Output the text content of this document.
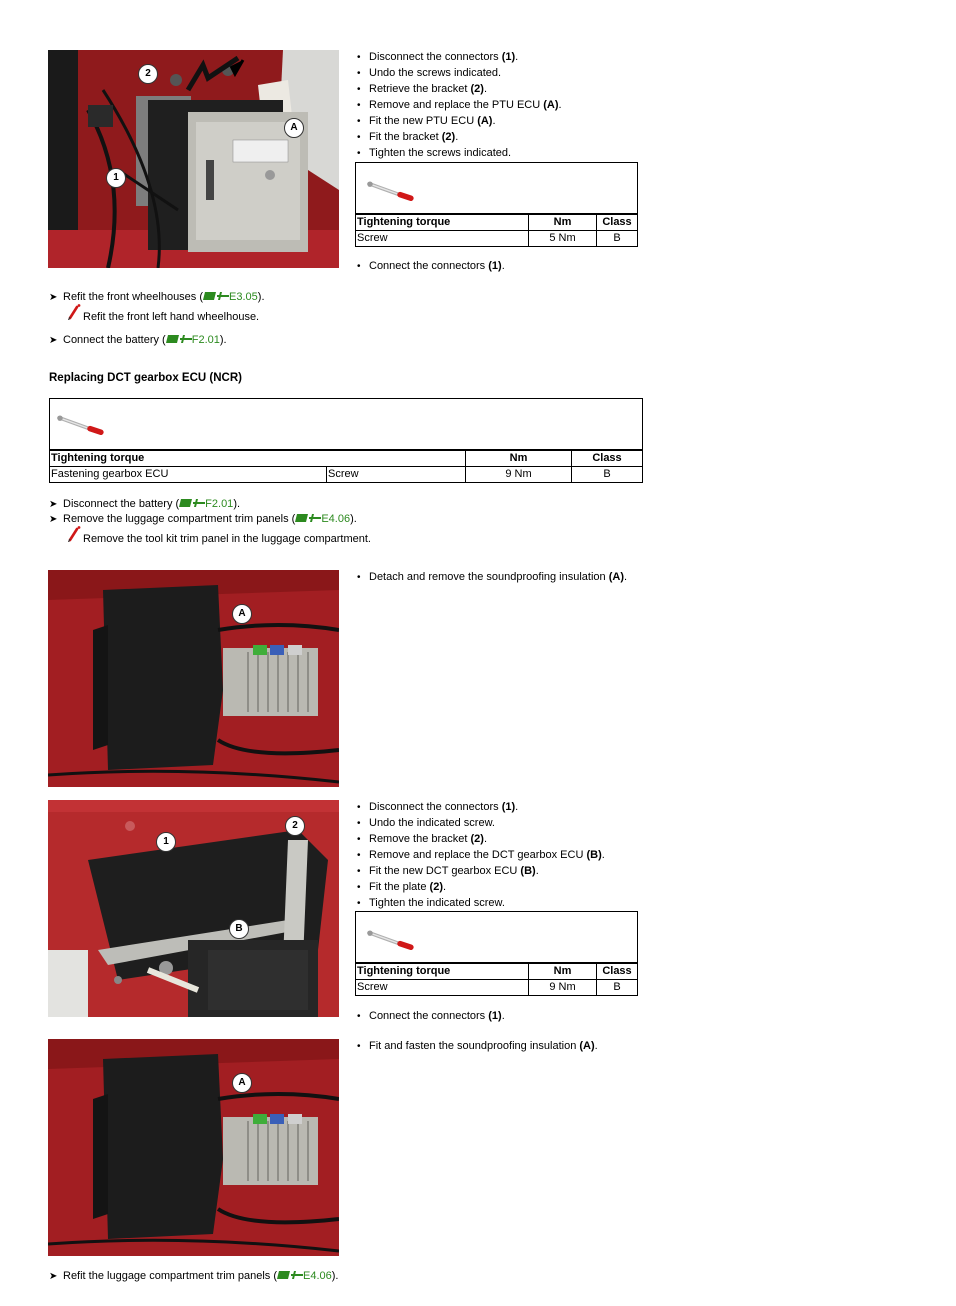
2
A
1
• Disconnect the connectors (1).
• Undo the screws indicated.
• Retrieve the bracket (2).
• Remove and replace the PTU ECU (A).
• Fit the new PTU ECU (A).
• Fit the bracket (2).
• Tighten the screws indicated.
Tightening torque	Nm	Class
Screw	5 Nm	B
• Connect the connectors (1).
➤ Refit the front wheelhouses ( E3.05).
Refit the front left hand wheelhouse.
➤ Connect the battery ( F2.01).
Replacing DCT gearbox ECU (NCR)
Tightening torque		Nm	Class
Fastening gearbox ECU	Screw	9 Nm	B
➤ Disconnect the battery ( F2.01).
➤ Remove the luggage compartment trim panels ( E4.06).
Remove the tool kit trim panel in the luggage compartment.
A
• Detach and remove the soundproofing insulation (A).
1
2
B
• Disconnect the connectors (1).
• Undo the indicated screw.
• Remove the bracket (2).
• Remove and replace the DCT gearbox ECU (B).
• Fit the new DCT gearbox ECU (B).
• Fit the plate (2).
• Tighten the indicated screw.
Tightening torque	Nm	Class
Screw	9 Nm	B
• Connect the connectors (1).
A
• Fit and fasten the soundproofing insulation (A).
➤ Refit the luggage compartment trim panels ( E4.06).
